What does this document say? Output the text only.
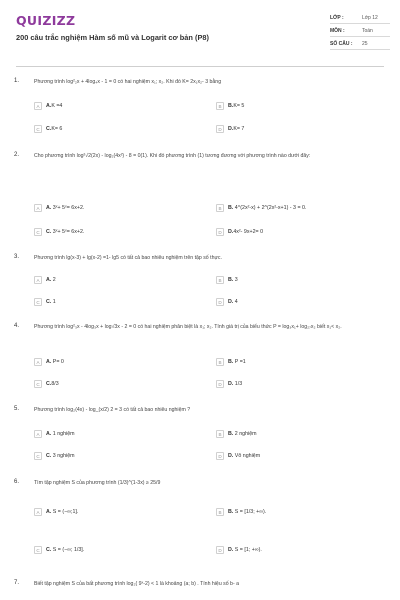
QUIZIZZ
200 câu trắc nghiệm Hàm số mũ và Logarit cơ bản (P8)
LỚP :	Lớp 12
MÔN :	Toán
SỐ CÂU : 25
1.	Phương trình log²₂x + 4log₄x - 1 = 0 có hai nghiệm x₁; x₂. Khi đó K= 2x₁x₂- 3 bằng
A	A.K =4	B	B.K= 5
C	C.K= 6	D	D.K= 7
2.	Cho phương trình log²√2(2x) - log₂(4x²) - 8 = 0(1). Khi đó phương trình (1) tương đương với phương trình nào dưới đây:
A	A. 3ˣ+ 5ˣ= 6x+2.	B	B. 4^(2x²-x) + 2^(2x²-x+1) - 3 = 0.
C	C. 3ˣ+ 5ˣ= 6x+2.	D	D.4x²- 9x+2= 0
3.	Phương trình lg(x-3) + lg(x-2) =1- lg5 có tất cả bao nhiêu nghiệm trên tập số thực.
A	A. 2	B	B. 3
C	C. 1	D	D. 4
4.	Phương trình log²₃x - 4log₃x + log√3x - 2 = 0 có hai nghiệm phân biệt là x₁; x₂. Tính giá trị của biểu thức P = log₃x₁+ log₂₇x₂ biết x₁< x₂.
A	A. P= 0	B	B. P =1
C	C.8/3	D	D. 1/3
5.	Phương trình log₂(4x) - log_(x/2) 2 = 3 có tất cả bao nhiêu nghiệm ?
A	A. 1 nghiệm	B	B. 2 nghiệm
C	C. 3 nghiệm	D	D. Vô nghiệm
6.	Tìm tập nghiệm S của phương trình (1/3)^(1-3x) ≥ 25/9
A	A. S = (−∞;1].	B	B. S = [1/3; +∞).
C	C. S = (−∞; 1/3].	D	D. S = [1; +∞).
7.	Biết tập nghiệm S của bất phương trình log₂( 9ˣ-2) < 1 là khoảng (a; b) . Tính hiệu số b- a
